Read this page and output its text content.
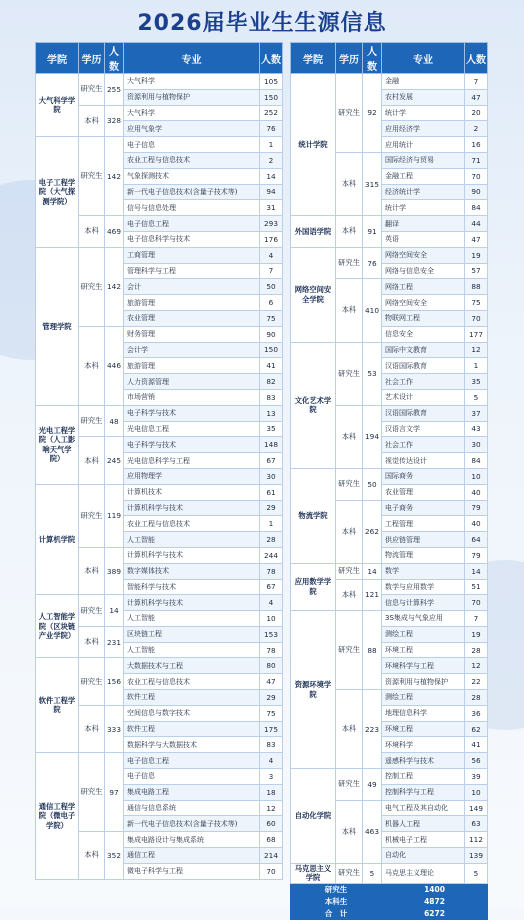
2026届毕业生生源信息
学院	学历	人数	专业	人数
大气科学学院	研究生	255	大气科学	105
			资源利用与植物保护	150
	本科	328	大气科学	252
			应用气象学	76
电子工程学院（大气探测学院）	研究生	142	电子信息	1
			农业工程与信息技术	2
			气象探测技术	14
			新一代电子信息技术(含量子技术等)	94
			信号与信息处理	31
	本科	469	电子信息工程	293
			电子信息科学与技术	176
管理学院	研究生	142	工商管理	4
			管理科学与工程	7
			会计	50
			旅游管理	6
			农业管理	75
	本科	446	财务管理	90
			会计学	150
			旅游管理	41
			人力资源管理	82
			市场营销	83
光电工程学院（人工影响天气学院）	研究生	48	电子科学与技术	13
			光电信息工程	35
	本科	245	电子科学与技术	148
			光电信息科学与工程	67
			应用物理学	30
计算机学院	研究生	119	计算机技术	61
			计算机科学与技术	29
			农业工程与信息技术	1
			人工智能	28
	本科	389	计算机科学与技术	244
			数字媒体技术	78
			智能科学与技术	67
人工智能学院（区块链产业学院）	研究生	14	计算机科学与技术	4
			人工智能	10
	本科	231	区块链工程	153
			人工智能	78
软件工程学院	研究生	156	大数据技术与工程	80
			农业工程与信息技术	47
			软件工程	29
	本科	333	空间信息与数字技术	75
			软件工程	175
			数据科学与大数据技术	83
通信工程学院（微电子学院）	研究生	97	电子信息工程	4
			电子信息	3
			集成电路工程	18
			通信与信息系统	12
			新一代电子信息技术(含量子技术等)	60
	本科	352	集成电路设计与集成系统	68
			通信工程	214
			微电子科学与工程	70
学院	学历	人数	专业	人数
统计学院	研究生	92	金融	7
			农村发展	47
			统计学	20
			应用经济学	2
			应用统计	16
	本科	315	国际经济与贸易	71
			金融工程	70
			经济统计学	90
			统计学	84
外国语学院	本科	91	翻译	44
			英语	47
网络空间安全学院	研究生	76	网络空间安全	19
			网络与信息安全	57
	本科	410	网络工程	88
			网络空间安全	75
			物联网工程	70
			信息安全	177
文化艺术学院	研究生	53	国际中文教育	12
			汉语国际教育	1
			社会工作	35
			艺术设计	5
	本科	194	汉语国际教育	37
			汉语言文学	43
			社会工作	30
			视觉传达设计	84
物流学院	研究生	50	国际商务	10
			农业管理	40
	本科	262	电子商务	79
			工程管理	40
			供应链管理	64
			物流管理	79
应用数学学院	研究生	14	数学	14
	本科	121	数学与应用数学	51
			信息与计算科学	70
资源环境学院	研究生	88	3S集成与气象应用	7
			测绘工程	19
			环境工程	28
			环境科学与工程	12
			资源利用与植物保护	22
	本科	223	测绘工程	28
			地理信息科学	36
			环境工程	62
			环境科学	41
			遥感科学与技术	56
自动化学院	研究生	49	控制工程	39
			控制科学与工程	10
	本科	463	电气工程及其自动化	149
			机器人工程	63
			机械电子工程	112
			自动化	139
马克思主义学院	研究生	5	马克思主义理论	5
研究生			1400	
本科生			4872	
合　计			6272	
